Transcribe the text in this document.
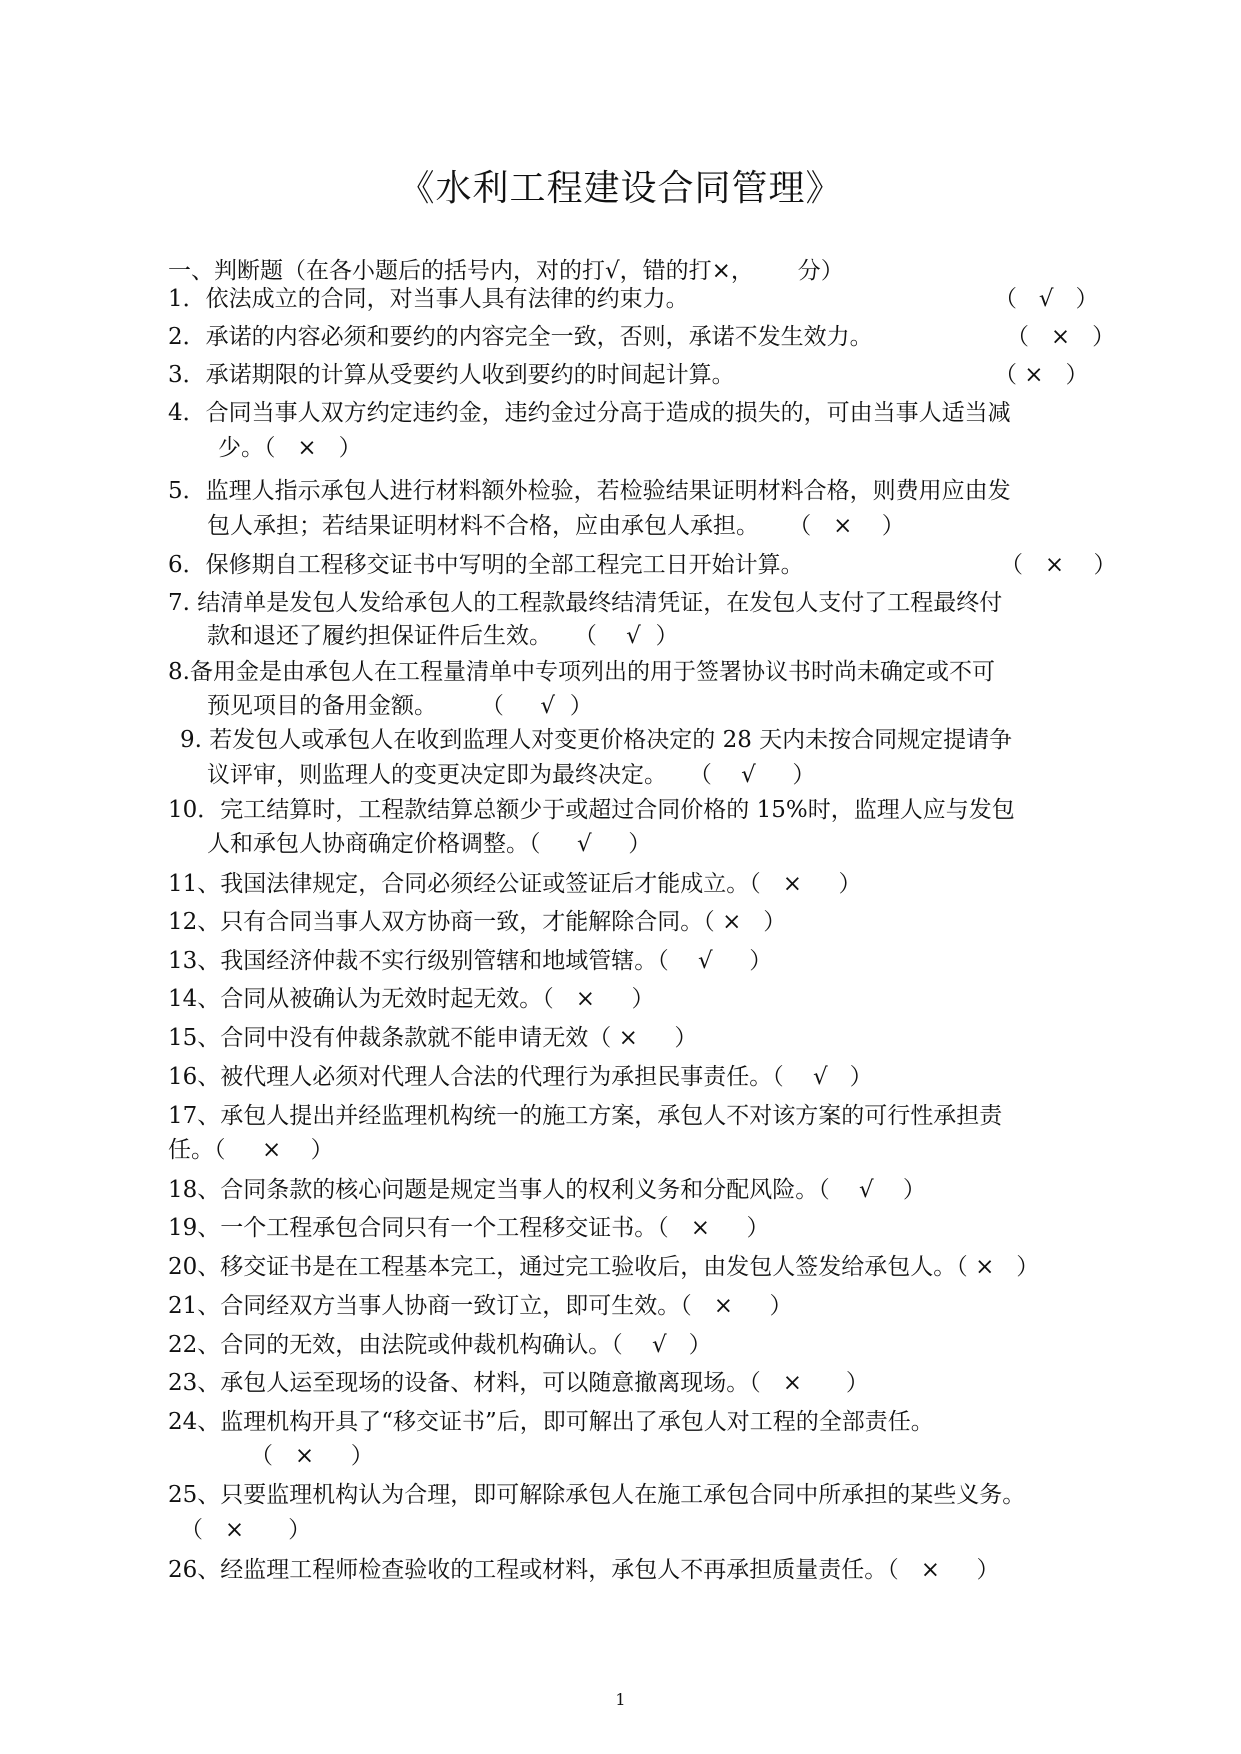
《水利工程建设合同管理》
一、判断题（在各小题后的括号内，对的打√，错的打×，      分）
1．依法成立的合同，对当事人具有法律的约束力。	（   √   ）
2．承诺的内容必须和要约的内容完全一致，否则，承诺不发生效力。	（   ×   ）
3．承诺期限的计算从受要约人收到要约的时间起计算。	（ ×   ）
4．合同当事人双方约定违约金，违约金过分高于造成的损失的，可由当事人适当减
少。（   ×   ）
5．监理人指示承包人进行材料额外检验，若检验结果证明材料合格，则费用应由发
包人承担；若结果证明材料不合格，应由承包人承担。    （   ×    ）
6．保修期自工程移交证书中写明的全部工程完工日开始计算。	（   ×    ）
7. 结清单是发包人发给承包人的工程款最终结清凭证，在发包人支付了工程最终付
款和退还了履约担保证件后生效。   （    √  ）
8.备用金是由承包人在工程量清单中专项列出的用于签署协议书时尚未确定或不可
预见项目的备用金额。      （     √  ）
9. 若发包人或承包人在收到监理人对变更价格决定的 28 天内未按合同规定提请争
议评审，则监理人的变更决定即为最终决定。   （    √     ）
10．完工结算时，工程款结算总额少于或超过合同价格的 15%时，监理人应与发包
人和承包人协商确定价格调整。（     √     ）
11、我国法律规定，合同必须经公证或签证后才能成立。（   ×     ）
12、只有合同当事人双方协商一致，才能解除合同。（ ×   ）
13、我国经济仲裁不实行级别管辖和地域管辖。（    √     ）
14、合同从被确认为无效时起无效。（   ×     ）
15、合同中没有仲裁条款就不能申请无效（ ×     ）
16、被代理人必须对代理人合法的代理行为承担民事责任。（    √   ）
17、承包人提出并经监理机构统一的施工方案，承包人不对该方案的可行性承担责
任。（     ×    ）
18、合同条款的核心问题是规定当事人的权利义务和分配风险。（    √    ）
19、一个工程承包合同只有一个工程移交证书。（   ×     ）
20、移交证书是在工程基本完工，通过完工验收后，由发包人签发给承包人。（ ×   ）
21、合同经双方当事人协商一致订立，即可生效。（   ×     ）
22、合同的无效，由法院或仲裁机构确认。（    √   ）
23、承包人运至现场的设备、材料，可以随意撤离现场。（   ×      ）
24、监理机构开具了“移交证书”后，即可解出了承包人对工程的全部责任。
（   ×     ）
25、只要监理机构认为合理，即可解除承包人在施工承包合同中所承担的某些义务。
（   ×      ）
26、经监理工程师检查验收的工程或材料，承包人不再承担质量责任。（   ×     ）
1
